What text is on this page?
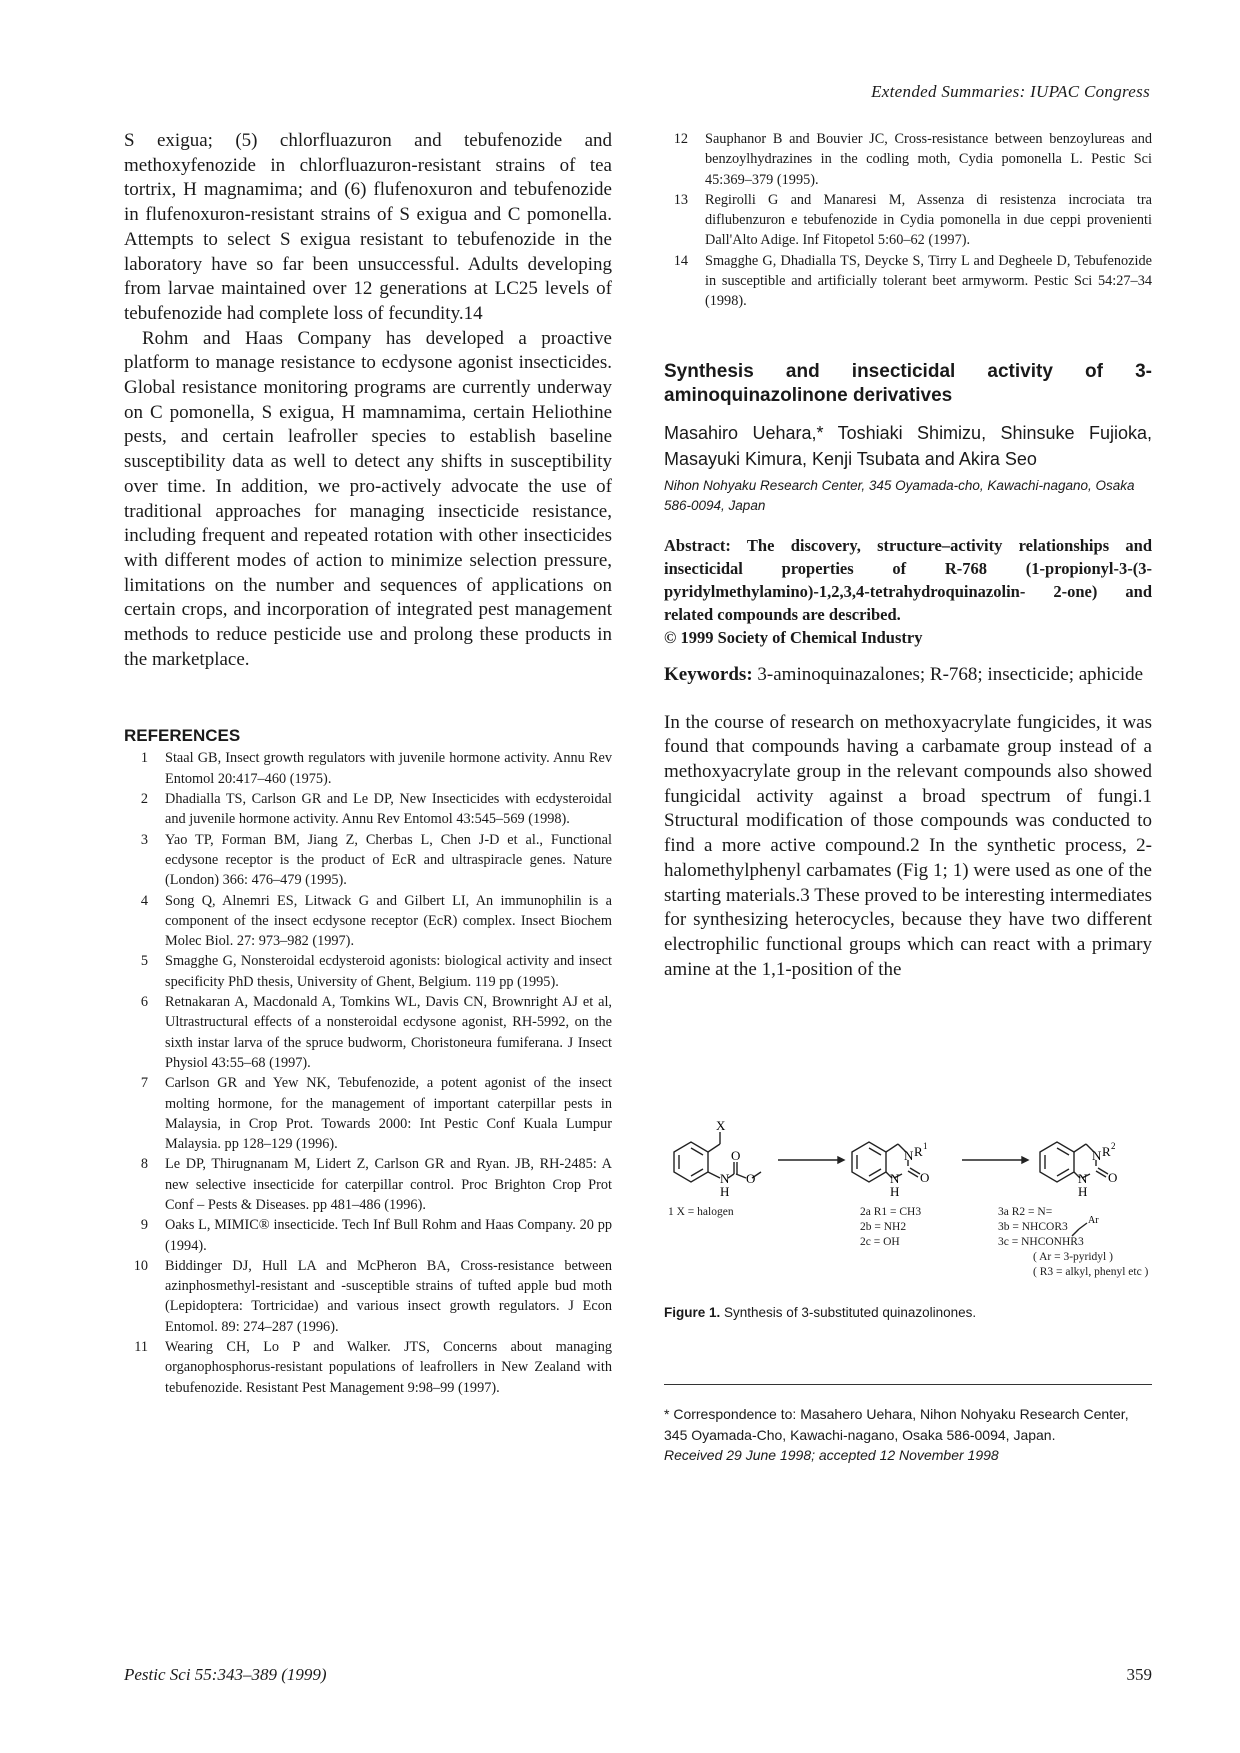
Extended Summaries: IUPAC Congress

S exigua; (5) chlorfluazuron and tebufenozide and methoxyfenozide in chlorfluazuron-resistant strains of tea tortrix, H magnamima; and (6) flufenoxuron and tebufenozide in flufenoxuron-resistant strains of S exigua and C pomonella. Attempts to select S exigua resistant to tebufenozide in the laboratory have so far been unsuccessful. Adults developing from larvae maintained over 12 generations at LC25 levels of tebufenozide had complete loss of fecundity.14

Rohm and Haas Company has developed a proactive platform to manage resistance to ecdysone agonist insecticides. Global resistance monitoring programs are currently underway on C pomonella, S exigua, H mamnamima, certain Heliothine pests, and certain leafroller species to establish baseline susceptibility data as well to detect any shifts in susceptibility over time. In addition, we pro-actively advocate the use of traditional approaches for managing insecticide resistance, including frequent and repeated rotation with other insecticides with different modes of action to minimize selection pressure, limitations on the number and sequences of applications on certain crops, and incorporation of integrated pest management methods to reduce pesticide use and prolong these products in the marketplace.

REFERENCES
1 Staal GB, Insect growth regulators with juvenile hormone activity. Annu Rev Entomol 20:417–460 (1975).
2 Dhadialla TS, Carlson GR and Le DP, New Insecticides with ecdysteroidal and juvenile hormone activity. Annu Rev Entomol 43:545–569 (1998).
3 Yao TP, Forman BM, Jiang Z, Cherbas L, Chen J-D et al., Functional ecdysone receptor is the product of EcR and ultraspiracle genes. Nature (London) 366: 476–479 (1995).
4 Song Q, Alnemri ES, Litwack G and Gilbert LI, An immunophilin is a component of the insect ecdysone receptor (EcR) complex. Insect Biochem Molec Biol. 27: 973–982 (1997).
5 Smagghe G, Nonsteroidal ecdysteroid agonists: biological activity and insect specificity PhD thesis, University of Ghent, Belgium. 119 pp (1995).
6 Retnakaran A, Macdonald A, Tomkins WL, Davis CN, Brownright AJ et al, Ultrastructural effects of a nonsteroidal ecdysone agonist, RH-5992, on the sixth instar larva of the spruce budworm, Choristoneura fumiferana. J Insect Physiol 43:55–68 (1997).
7 Carlson GR and Yew NK, Tebufenozide, a potent agonist of the insect molting hormone, for the management of important caterpillar pests in Malaysia, in Crop Prot. Towards 2000: Int Pestic Conf Kuala Lumpur Malaysia. pp 128–129 (1996).
8 Le DP, Thirugnanam M, Lidert Z, Carlson GR and Ryan. JB, RH-2485: A new selective insecticide for caterpillar control. Proc Brighton Crop Prot Conf – Pests & Diseases. pp 481–486 (1996).
9 Oaks L, MIMIC® insecticide. Tech Inf Bull Rohm and Haas Company. 20 pp (1994).
10 Biddinger DJ, Hull LA and McPheron BA, Cross-resistance between azinphosmethyl-resistant and -susceptible strains of tufted apple bud moth (Lepidoptera: Tortricidae) and various insect growth regulators. J Econ Entomol. 89: 274–287 (1996).
11 Wearing CH, Lo P and Walker. JTS, Concerns about managing organophosphorus-resistant populations of leafrollers in New Zealand with tebufenozide. Resistant Pest Management 9:98–99 (1997).
12 Sauphanor B and Bouvier JC, Cross-resistance between benzoylureas and benzoylhydrazines in the codling moth, Cydia pomonella L. Pestic Sci 45:369–379 (1995).
13 Regirolli G and Manaresi M, Assenza di resistenza incrociata tra diflubenzuron e tebufenozide in Cydia pomonella in due ceppi provenienti Dall'Alto Adige. Inf Fitopetol 5:60–62 (1997).
14 Smagghe G, Dhadialla TS, Deycke S, Tirry L and Degheele D, Tebufenozide in susceptible and artificially tolerant beet armyworm. Pestic Sci 54:27–34 (1998).
Synthesis and insecticidal activity of 3-aminoquinazolinone derivatives
Masahiro Uehara,* Toshiaki Shimizu, Shinsuke Fujioka, Masayuki Kimura, Kenji Tsubata and Akira Seo
Nihon Nohyaku Research Center, 345 Oyamada-cho, Kawachi-nagano, Osaka 586-0094, Japan
Abstract: The discovery, structure–activity relationships and insecticidal properties of R-768 (1-propionyl-3-(3-pyridylmethylamino)-1,2,3,4-tetrahydroquinazolin- 2-one) and related compounds are described.
© 1999 Society of Chemical Industry
Keywords: 3-aminoquinazalones; R-768; insecticide; aphicide

In the course of research on methoxyacrylate fungicides, it was found that compounds having a carbamate group instead of a methoxyacrylate group in the relevant compounds also showed fungicidal activity against a broad spectrum of fungi.1 Structural modification of those compounds was conducted to find a more active compound.2 In the synthetic process, 2-halomethylphenyl carbamates (Fig 1; 1) were used as one of the starting materials.3 These proved to be interesting intermediates for synthesizing heterocycles, because they have two different electrophilic functional groups which can react with a primary amine at the 1,1-position of the

X
N
H
O
O
N R 1
N
H
O
N R 2
N
H
O
Ar
1 X = halogen	2a R1 = CH3
2b = NH2
2c = OH
3a R2 = N=
3b = NHCOR3
3c = NHCONHR3
( Ar = 3-pyridyl )
( R3 = alkyl, phenyl etc )
Figure 1. Synthesis of 3-substituted quinazolinones.
* Correspondence to: Masahero Uehara, Nihon Nohyaku Research Center, 345 Oyamada-Cho, Kawachi-nagano, Osaka 586-0094, Japan.
Received 29 June 1998; accepted 12 November 1998
Pestic Sci 55:343–389 (1999)	359
